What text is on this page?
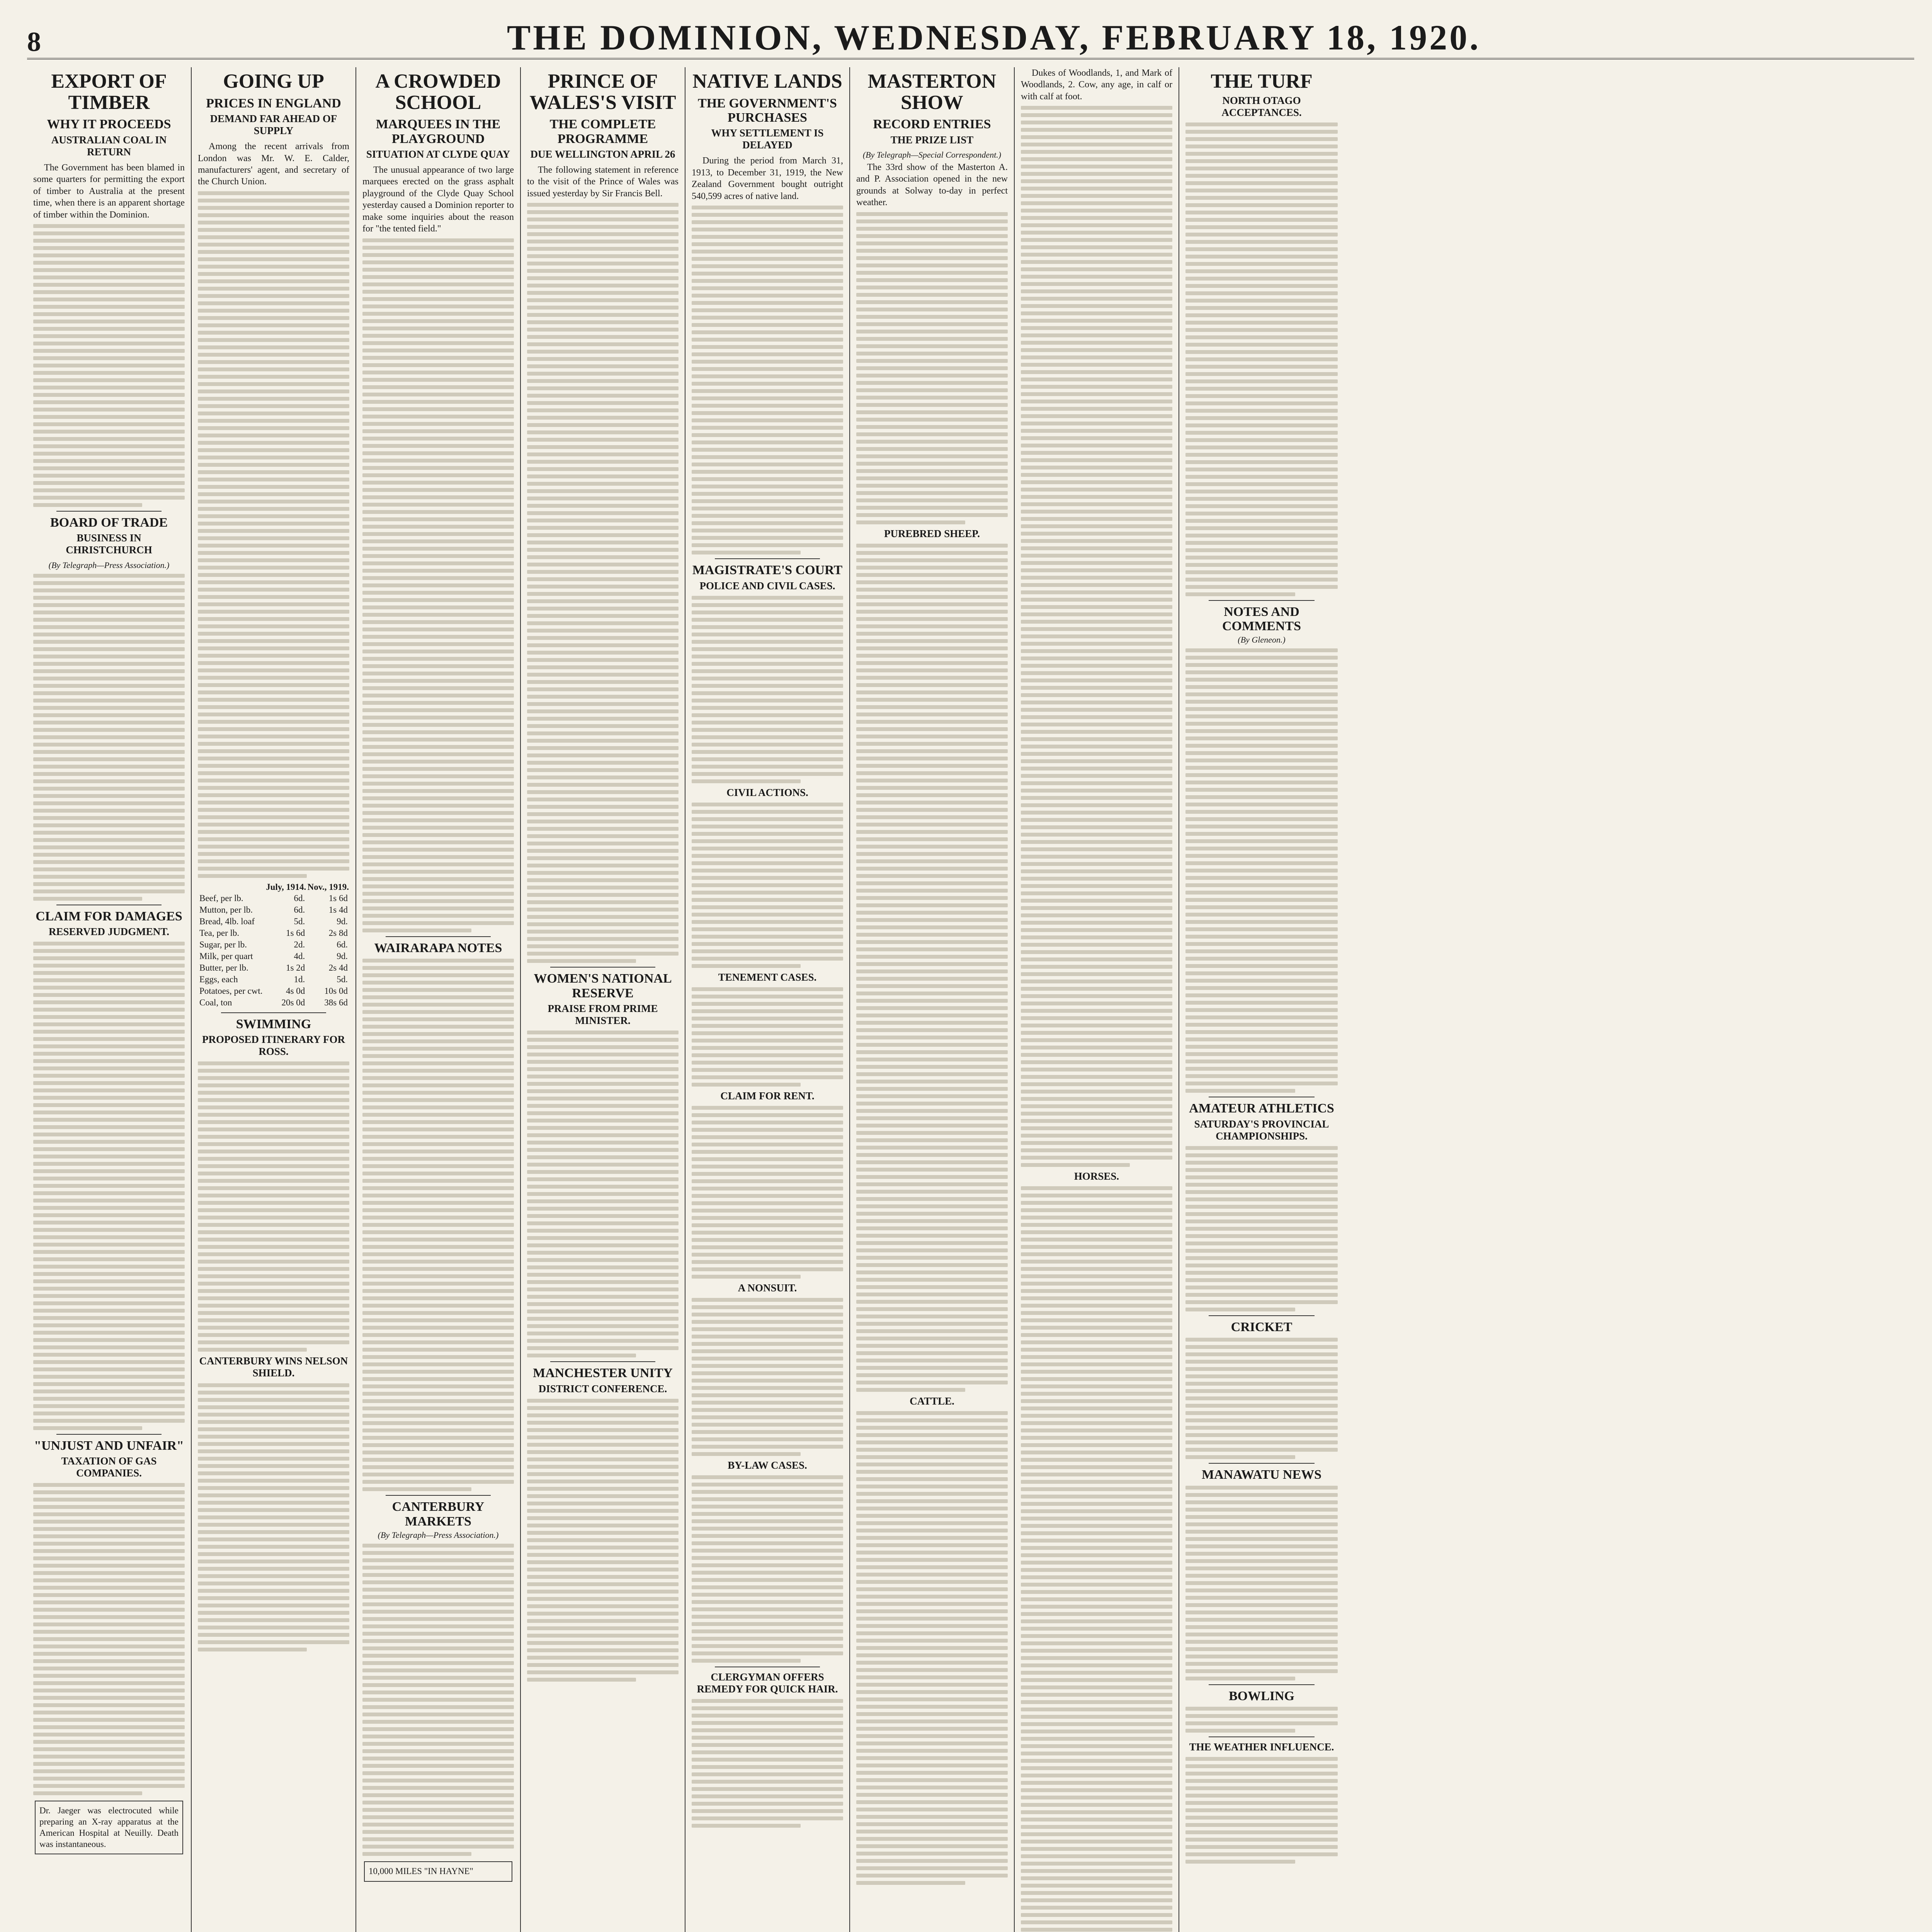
8	THE DOMINION, WEDNESDAY, FEBRUARY 18, 1920.
EXPORT OF TIMBER
WHY IT PROCEEDS
AUSTRALIAN COAL IN RETURN

The Government has been blamed in some quarters for permitting the export of timber to Australia at the present time, when there is an apparent shortage of timber within the Dominion.

BOARD OF TRADE
BUSINESS IN CHRISTCHURCH
(By Telegraph—Press Association.)
CLAIM FOR DAMAGES
RESERVED JUDGMENT.
"UNJUST AND UNFAIR"
TAXATION OF GAS COMPANIES.
Dr. Jaeger was electrocuted while preparing an X-ray apparatus at the American Hospital at Neuilly. Death was instantaneous.
GOING UP
PRICES IN ENGLAND
DEMAND FAR AHEAD OF SUPPLY

Among the recent arrivals from London was Mr. W. E. Calder, manufacturers' agent, and secretary of the Church Union.

	July, 1914.	Nov., 1919.
Beef, per lb.	6d.	1s 6d
Mutton, per lb.	6d.	1s 4d
Bread, 4lb. loaf	5d.	9d.
Tea, per lb.	1s 6d	2s 8d
Sugar, per lb.	2d.	6d.
Milk, per quart	4d.	9d.
Butter, per lb.	1s 2d	2s 4d
Eggs, each	1d.	5d.
Potatoes, per cwt.	4s 0d	10s 0d
Coal, ton	20s 0d	38s 6d
SWIMMING
PROPOSED ITINERARY FOR ROSS.
CANTERBURY WINS NELSON SHIELD.
A CROWDED SCHOOL
MARQUEES IN THE PLAYGROUND
SITUATION AT CLYDE QUAY

The unusual appearance of two large marquees erected on the grass asphalt playground of the Clyde Quay School yesterday caused a Dominion reporter to make some inquiries about the reason for "the tented field."

WAIRARAPA NOTES
CANTERBURY MARKETS
(By Telegraph—Press Association.)
10,000 MILES "IN HAYNE"
PRINCE OF WALES'S VISIT
THE COMPLETE PROGRAMME
DUE WELLINGTON APRIL 26

The following statement in reference to the visit of the Prince of Wales was issued yesterday by Sir Francis Bell.

WOMEN'S NATIONAL RESERVE
PRAISE FROM PRIME MINISTER.
MANCHESTER UNITY
DISTRICT CONFERENCE.
NATIVE LANDS
THE GOVERNMENT'S PURCHASES
WHY SETTLEMENT IS DELAYED

During the period from March 31, 1913, to December 31, 1919, the New Zealand Government bought outright 540,599 acres of native land.

MAGISTRATE'S COURT
POLICE AND CIVIL CASES.
CIVIL ACTIONS.
TENEMENT CASES.
CLAIM FOR RENT.
A NONSUIT.
BY-LAW CASES.
CLERGYMAN OFFERS REMEDY FOR QUICK HAIR.
MASTERTON SHOW
RECORD ENTRIES
THE PRIZE LIST
(By Telegraph—Special Correspondent.)

The 33rd show of the Masterton A. and P. Association opened in the new grounds at Solway to-day in perfect weather.

PUREBRED SHEEP.
CATTLE.

Dukes of Woodlands, 1, and Mark of Woodlands, 2. Cow, any age, in calf or with calf at foot.

HORSES.
THE TURF
NORTH OTAGO ACCEPTANCES.
NOTES AND COMMENTS
(By Gleneon.)
AMATEUR ATHLETICS
SATURDAY'S PROVINCIAL CHAMPIONSHIPS.
CRICKET
MANAWATU NEWS
BOWLING
THE WEATHER INFLUENCE.
